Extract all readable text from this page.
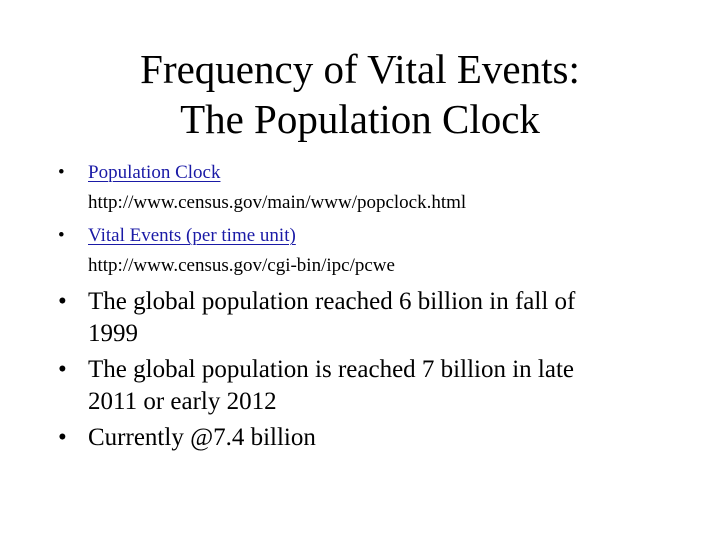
Frequency of Vital Events:
The Population Clock
• Population Clock
http://www.census.gov/main/www/popclock.html
• Vital Events (per time unit)
http://www.census.gov/cgi-bin/ipc/pcwe
• The global population reached 6 billion in fall of
1999
• The global population is reached 7 billion in late
2011 or early 2012
• Currently @7.4 billion
